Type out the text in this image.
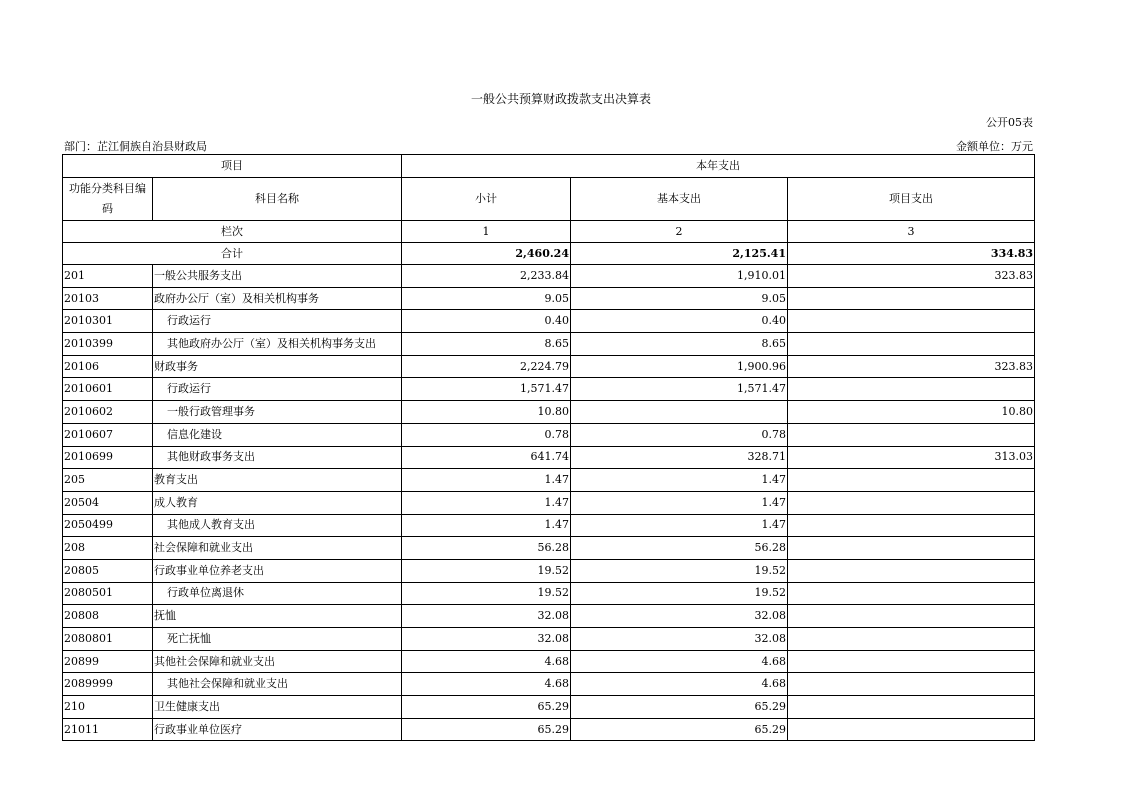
一般公共预算财政拨款支出决算表
公开05表
部门：芷江侗族自治县财政局	金额单位：万元
项目		本年支出		
功能分类科目编码	科目名称	小计	基本支出	项目支出
栏次		1	2	3
合计		2,460.24	2,125.41	334.83
201	一般公共服务支出	2,233.84	1,910.01	323.83
20103	政府办公厅（室）及相关机构事务	9.05	9.05	
2010301	行政运行	0.40	0.40	
2010399	其他政府办公厅（室）及相关机构事务支出	8.65	8.65	
20106	财政事务	2,224.79	1,900.96	323.83
2010601	行政运行	1,571.47	1,571.47	
2010602	一般行政管理事务	10.80		10.80
2010607	信息化建设	0.78	0.78	
2010699	其他财政事务支出	641.74	328.71	313.03
205	教育支出	1.47	1.47	
20504	成人教育	1.47	1.47	
2050499	其他成人教育支出	1.47	1.47	
208	社会保障和就业支出	56.28	56.28	
20805	行政事业单位养老支出	19.52	19.52	
2080501	行政单位离退休	19.52	19.52	
20808	抚恤	32.08	32.08	
2080801	死亡抚恤	32.08	32.08	
20899	其他社会保障和就业支出	4.68	4.68	
2089999	其他社会保障和就业支出	4.68	4.68	
210	卫生健康支出	65.29	65.29	
21011	行政事业单位医疗	65.29	65.29	
